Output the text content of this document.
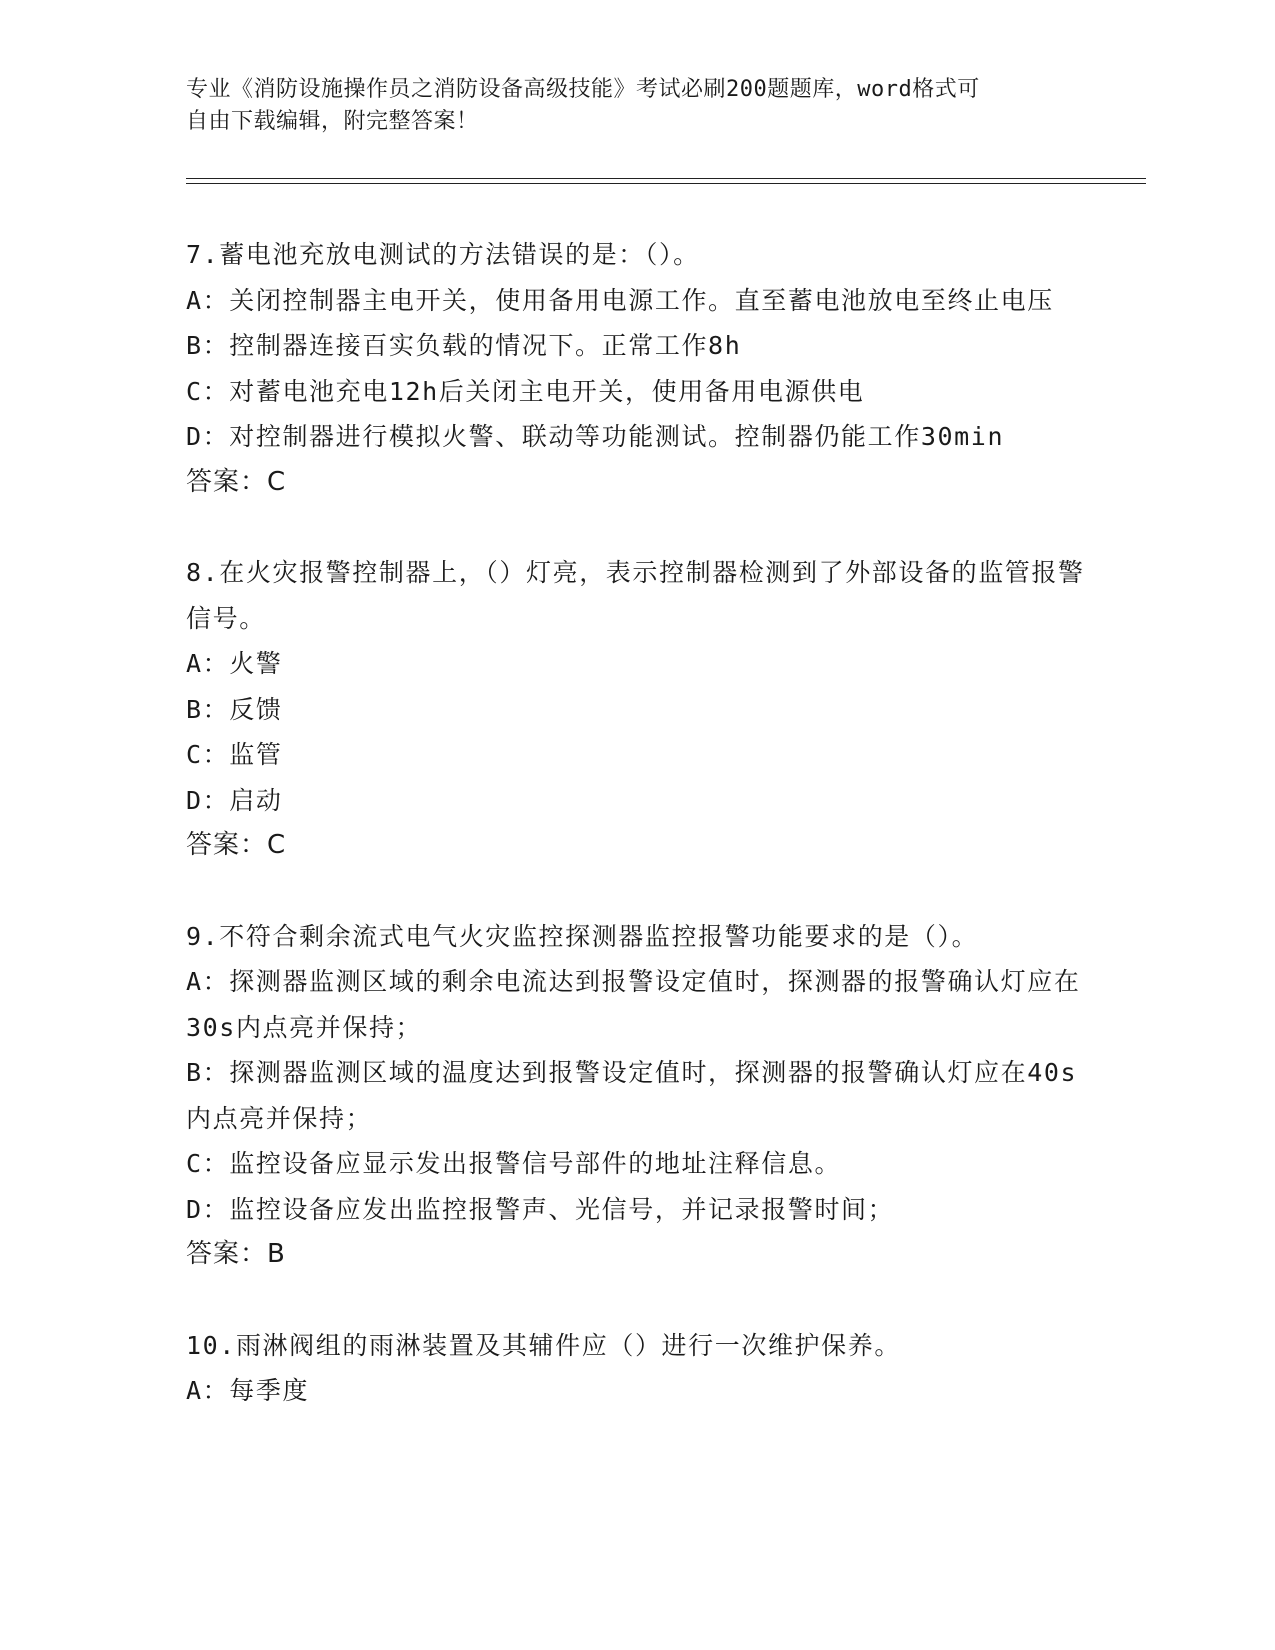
专业《消防设施操作员之消防设备高级技能》考试必刷200题题库，word格式可
自由下载编辑，附完整答案！
7.蓄电池充放电测试的方法错误的是：（）。
A：关闭控制器主电开关，使用备用电源工作。直至蓄电池放电至终止电压
B：控制器连接百实负载的情况下。正常工作8h
C：对蓄电池充电12h后关闭主电开关，使用备用电源供电
D：对控制器进行模拟火警、联动等功能测试。控制器仍能工作30min
答案：C
8.在火灾报警控制器上，（）灯亮，表示控制器检测到了外部设备的监管报警信号。
A：火警
B：反馈
C：监管
D：启动
答案：C
9.不符合剩余流式电气火灾监控探测器监控报警功能要求的是（）。
A：探测器监测区域的剩余电流达到报警设定值时，探测器的报警确认灯应在30s内点亮并保持；
B：探测器监测区域的温度达到报警设定值时，探测器的报警确认灯应在40s内点亮并保持；
C：监控设备应显示发出报警信号部件的地址注释信息。
D：监控设备应发出监控报警声、光信号，并记录报警时间；
答案：B
10.雨淋阀组的雨淋装置及其辅件应（）进行一次维护保养。
A：每季度
